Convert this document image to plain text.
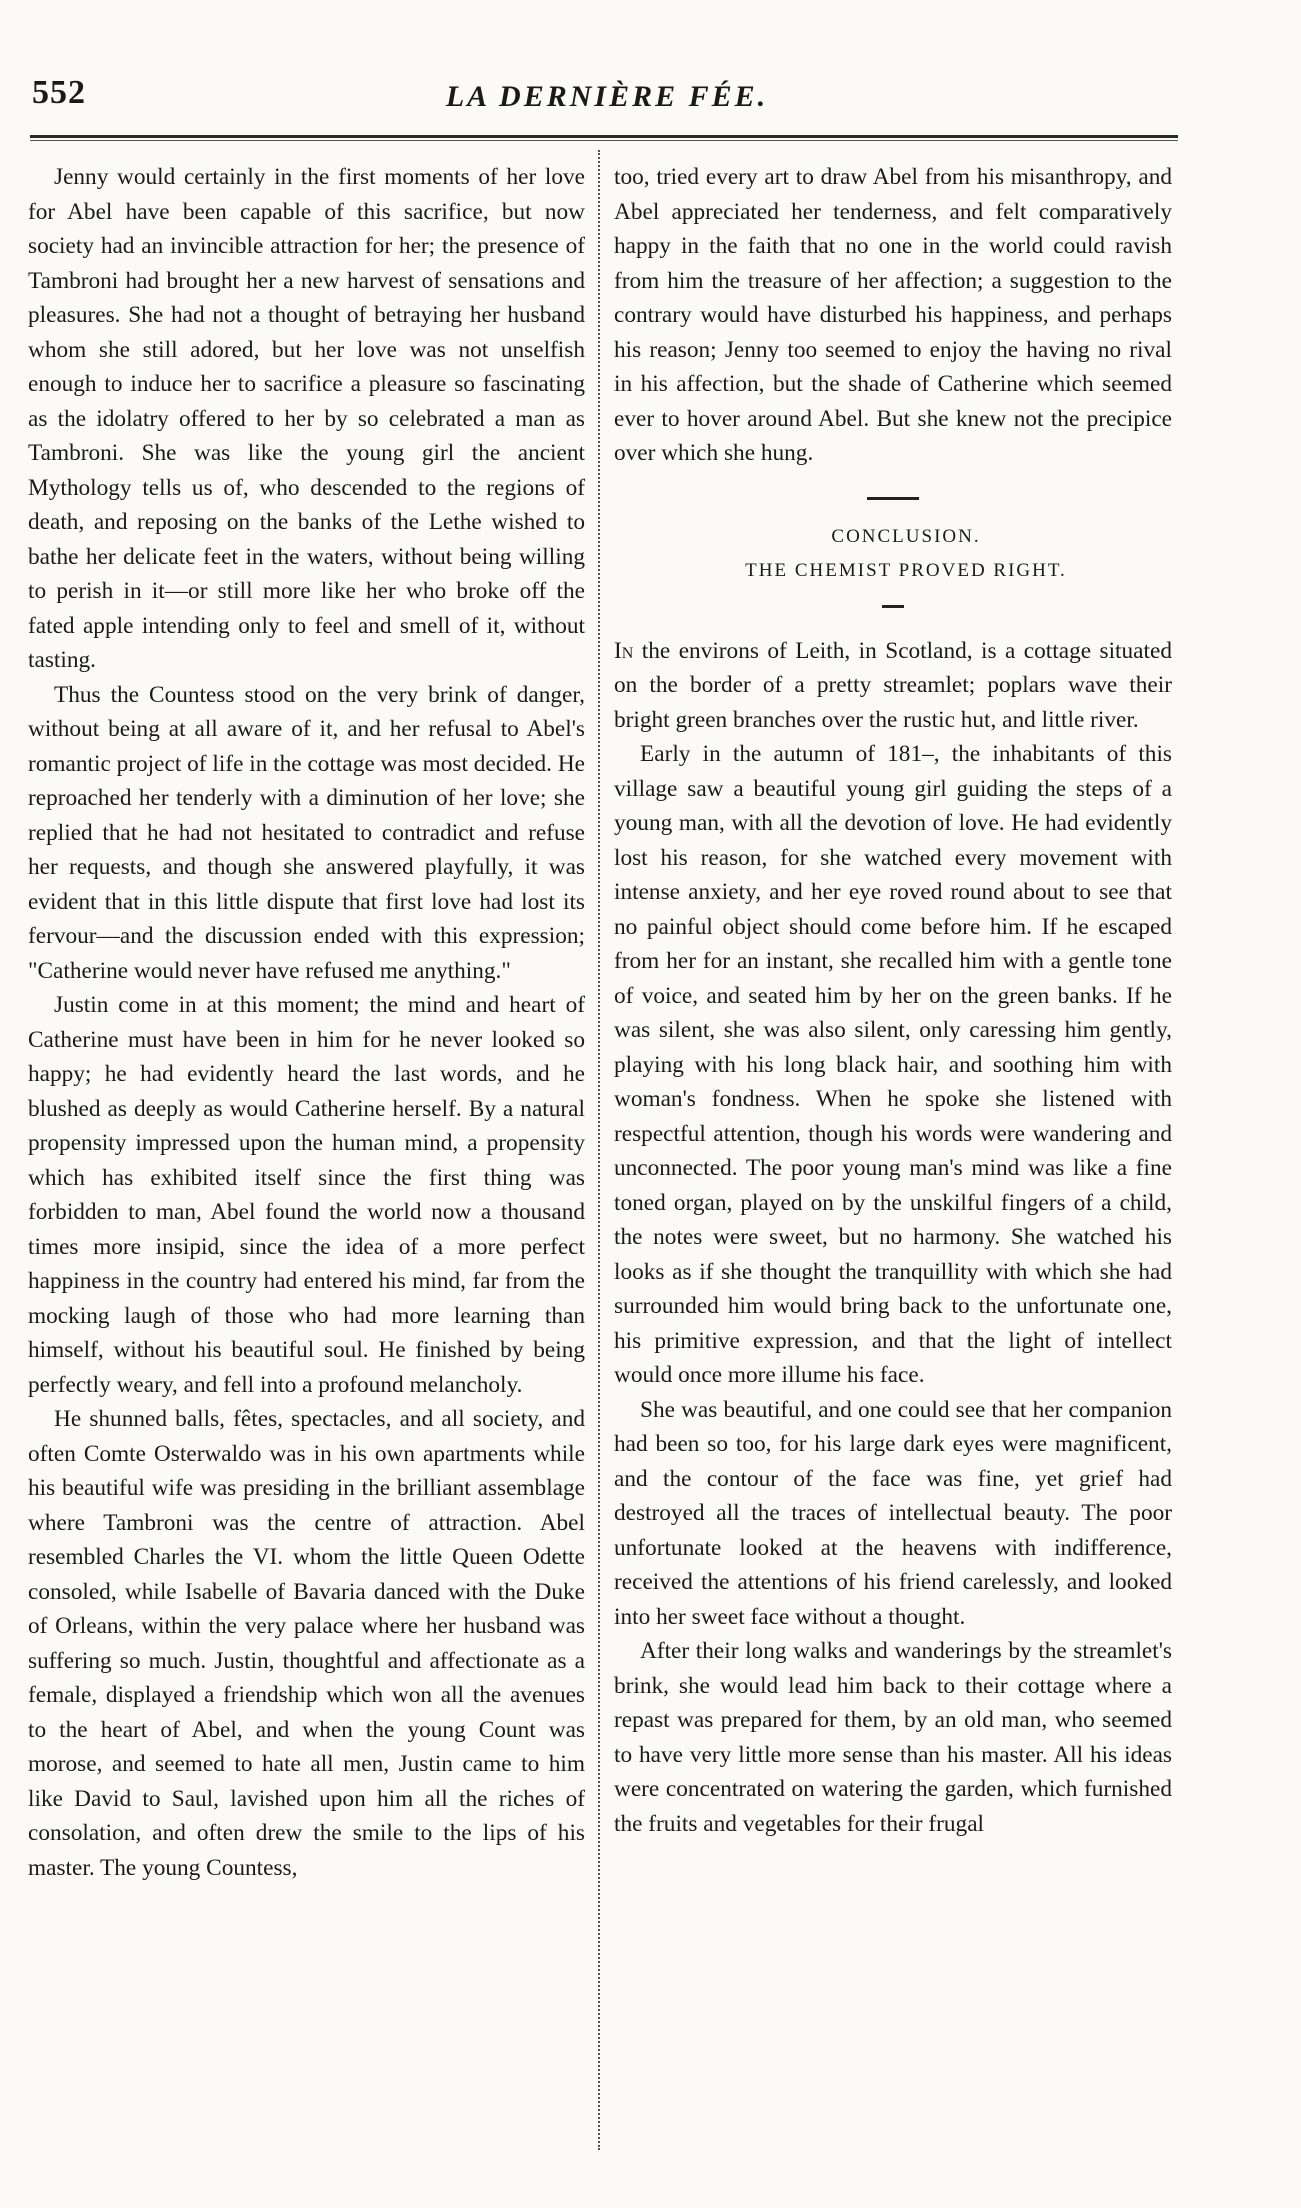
552	LA DERNIÈRE FÉE.

Jenny would certainly in the first moments of her love for Abel have been capable of this sacrifice, but now society had an invincible attraction for her; the presence of Tambroni had brought her a new harvest of sensations and pleasures. She had not a thought of betraying her husband whom she still adored, but her love was not unselfish enough to induce her to sacrifice a pleasure so fascinating as the idolatry offered to her by so celebrated a man as Tambroni. She was like the young girl the ancient Mythology tells us of, who descended to the regions of death, and reposing on the banks of the Lethe wished to bathe her delicate feet in the waters, without being willing to perish in it—or still more like her who broke off the fated apple intending only to feel and smell of it, without tasting.

Thus the Countess stood on the very brink of danger, without being at all aware of it, and her refusal to Abel's romantic project of life in the cottage was most decided. He reproached her tenderly with a diminution of her love; she replied that he had not hesitated to contradict and refuse her requests, and though she answered playfully, it was evident that in this little dispute that first love had lost its fervour—and the discussion ended with this expression; "Catherine would never have refused me anything."

Justin come in at this moment; the mind and heart of Catherine must have been in him for he never looked so happy; he had evidently heard the last words, and he blushed as deeply as would Catherine herself. By a natural propensity impressed upon the human mind, a propensity which has exhibited itself since the first thing was forbidden to man, Abel found the world now a thousand times more insipid, since the idea of a more perfect happiness in the country had entered his mind, far from the mocking laugh of those who had more learning than himself, without his beautiful soul. He finished by being perfectly weary, and fell into a profound melancholy.

He shunned balls, fêtes, spectacles, and all society, and often Comte Osterwaldo was in his own apartments while his beautiful wife was presiding in the brilliant assemblage where Tambroni was the centre of attraction. Abel resembled Charles the VI. whom the little Queen Odette consoled, while Isabelle of Bavaria danced with the Duke of Orleans, within the very palace where her husband was suffering so much. Justin, thoughtful and affectionate as a female, displayed a friendship which won all the avenues to the heart of Abel, and when the young Count was morose, and seemed to hate all men, Justin came to him like David to Saul, lavished upon him all the riches of consolation, and often drew the smile to the lips of his master. The young Countess,

too, tried every art to draw Abel from his misanthropy, and Abel appreciated her tenderness, and felt comparatively happy in the faith that no one in the world could ravish from him the treasure of her affection; a suggestion to the contrary would have disturbed his happiness, and perhaps his reason; Jenny too seemed to enjoy the having no rival in his affection, but the shade of Catherine which seemed ever to hover around Abel. But she knew not the precipice over which she hung.

CONCLUSION.

THE CHEMIST PROVED RIGHT.

In the environs of Leith, in Scotland, is a cottage situated on the border of a pretty streamlet; poplars wave their bright green branches over the rustic hut, and little river.

Early in the autumn of 181–, the inhabitants of this village saw a beautiful young girl guiding the steps of a young man, with all the devotion of love. He had evidently lost his reason, for she watched every movement with intense anxiety, and her eye roved round about to see that no painful object should come before him. If he escaped from her for an instant, she recalled him with a gentle tone of voice, and seated him by her on the green banks. If he was silent, she was also silent, only caressing him gently, playing with his long black hair, and soothing him with woman's fondness. When he spoke she listened with respectful attention, though his words were wandering and unconnected. The poor young man's mind was like a fine toned organ, played on by the unskilful fingers of a child, the notes were sweet, but no harmony. She watched his looks as if she thought the tranquillity with which she had surrounded him would bring back to the unfortunate one, his primitive expression, and that the light of intellect would once more illume his face.

She was beautiful, and one could see that her companion had been so too, for his large dark eyes were magnificent, and the contour of the face was fine, yet grief had destroyed all the traces of intellectual beauty. The poor unfortunate looked at the heavens with indifference, received the attentions of his friend carelessly, and looked into her sweet face without a thought.

After their long walks and wanderings by the streamlet's brink, she would lead him back to their cottage where a repast was prepared for them, by an old man, who seemed to have very little more sense than his master. All his ideas were concentrated on watering the garden, which furnished the fruits and vegetables for their frugal
